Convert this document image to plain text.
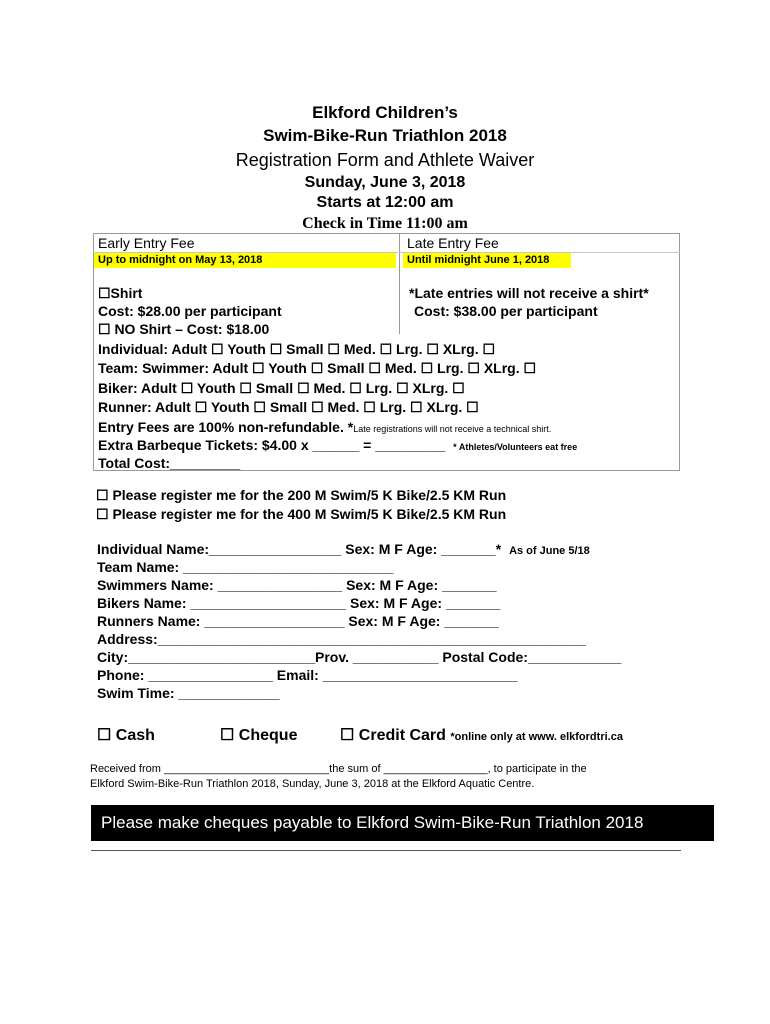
Elkford Children’s
Swim-Bike-Run Triathlon 2018
Registration Form and Athlete Waiver
Sunday, June 3, 2018
Starts at 12:00 am
Check in Time 11:00 am
Early Entry Fee	Late Entry Fee
Up to midnight on May 13, 2018	Until midnight June 1, 2018
☐Shirt
Cost: $28.00 per participant
☐ NO Shirt – Cost: $18.00
*Late entries will not receive a shirt*
Cost: $38.00 per participant
Individual: Adult ☐ Youth ☐ Small ☐ Med. ☐ Lrg. ☐ XLrg. ☐
Team: Swimmer: Adult ☐ Youth ☐ Small ☐ Med. ☐ Lrg. ☐ XLrg. ☐
Biker: Adult ☐ Youth ☐ Small ☐ Med. ☐ Lrg. ☐ XLrg. ☐
Runner: Adult ☐ Youth ☐ Small ☐ Med. ☐ Lrg. ☐ XLrg. ☐
Entry Fees are 100% non-refundable. *Late registrations will not receive a technical shirt.
Extra Barbeque Tickets: $4.00 x ______ = _________ * Athletes/Volunteers eat free
Total Cost:_________
☐ Please register me for the 200 M Swim/5 K Bike/2.5 KM Run
☐ Please register me for the 400 M Swim/5 K Bike/2.5 KM Run
Individual Name:_________________ Sex: M F Age: _______* As of June 5/18
Team Name: ___________________________
Swimmers Name: ________________ Sex: M F Age: _______
Bikers Name: ____________________ Sex: M F Age: _______
Runners Name: __________________ Sex: M F Age: _______
Address:_______________________________________________________
City:________________________Prov. ___________ Postal Code:____________
Phone: ________________ Email: _________________________
Swim Time: _____________
☐ Cash	☐ Cheque	☐ Credit Card *online only at www. elkfordtri.ca
Received from ___________________________the sum of _________________, to participate in the
Elkford Swim-Bike-Run Triathlon 2018, Sunday, June 3, 2018 at the Elkford Aquatic Centre.
Please make cheques payable to Elkford Swim-Bike-Run Triathlon 2018
